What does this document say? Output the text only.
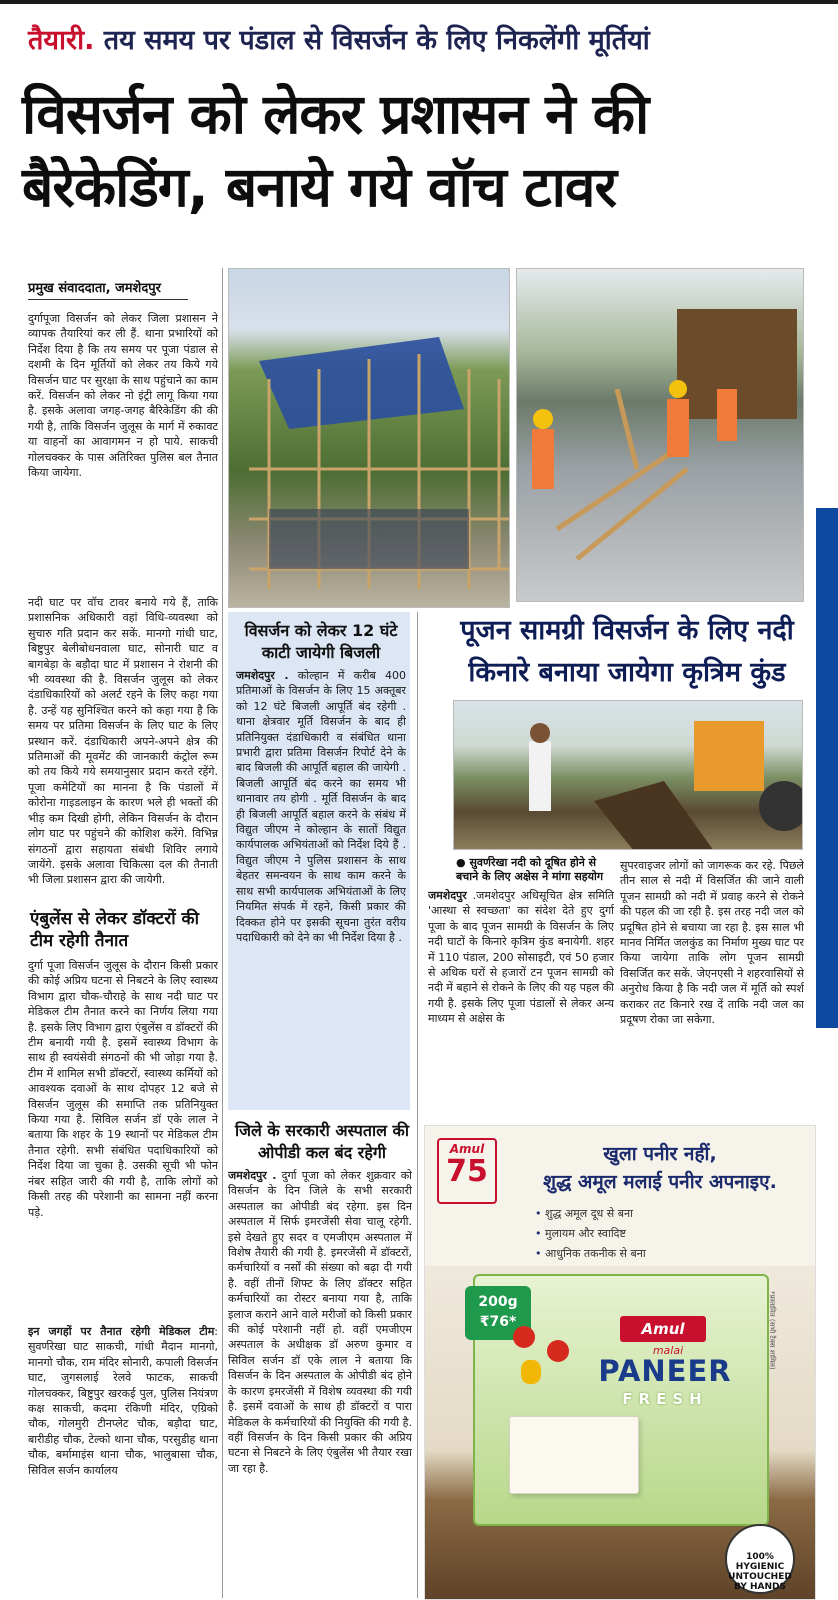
तैयारी. तय समय पर पंडाल से विसर्जन के लिए निकलेंगी मूर्तियां
विसर्जन को लेकर प्रशासन ने की बैरेकेडिंग, बनाये गये वॉच टावर
प्रमुख संवाददाता, जमशेदपुर

दुर्गापूजा विसर्जन को लेकर जिला प्रशासन ने व्यापक तैयारियां कर ली हैं. थाना प्रभारियों को निर्देश दिया है कि तय समय पर पूजा पंडाल से दशमी के दिन मूर्तियों को लेकर तय किये गये विसर्जन घाट पर सुरक्षा के साथ पहुंचाने का काम करें. विसर्जन को लेकर नो इंट्री लागू किया गया है. इसके अलावा जगह-जगह बैरिकेडिंग की की गयी है, ताकि विसर्जन जुलूस के मार्ग में रुकावट या वाहनों का आवागमन न हो पाये. साकची गोलचक्कर के पास अतिरिक्त पुलिस बल तैनात किया जायेगा.

नदी घाट पर वॉच टावर बनाये गये हैं, ताकि प्रशासनिक अधिकारी वहां विधि-व्यवस्था को सुचारु गति प्रदान कर सकें. मानगो गांधी घाट, बिष्टुपुर बेलीबोधनवाला घाट, सोनारी घाट व बागबेड़ा के बड़ौदा घाट में प्रशासन ने रोशनी की भी व्यवस्था की है. विसर्जन जुलूस को लेकर दंडाधिकारियों को अलर्ट रहने के लिए कहा गया है. उन्हें यह सुनिश्चित करने को कहा गया है कि समय पर प्रतिमा विसर्जन के लिए घाट के लिए प्रस्थान करें. दंडाधिकारी अपने-अपने क्षेत्र की प्रतिमाओं की मूवमेंट की जानकारी कंट्रोल रूम को तय किये गये समयानुसार प्रदान करते रहेंगे. पूजा कमेटियों का मानना है कि पंडालों में कोरोना गाइडलाइन के कारण भले ही भक्तों की भीड़ कम दिखी होगी, लेकिन विसर्जन के दौरान लोग घाट पर पहुंचने की कोशिश करेंगे. विभिन्न संगठनों द्वारा सहायता संबंधी शिविर लगाये जायेंगे. इसके अलावा चिकित्सा दल की तैनाती भी जिला प्रशासन द्वारा की जायेगी.

एंबुलेंस से लेकर डॉक्टरों की टीम रहेगी तैनात

दुर्गा पूजा विसर्जन जुलूस के दौरान किसी प्रकार की कोई अप्रिय घटना से निबटने के लिए स्वास्थ्य विभाग द्वारा चौक-चौराहे के साथ नदी घाट पर मेडिकल टीम तैनात करने का निर्णय लिया गया है. इसके लिए विभाग द्वारा एंबुलेंस व डॉक्टरों की टीम बनायी गयी है. इसमें स्वास्थ्य विभाग के साथ ही स्वयंसेवी संगठनों की भी जोड़ा गया है. टीम में शामिल सभी डॉक्टरों, स्वास्थ्य कर्मियों को आवश्यक दवाओं के साथ दोपहर 12 बजे से विसर्जन जुलूस की समाप्ति तक प्रतिनियुक्त किया गया है. सिविल सर्जन डॉ एके लाल ने बताया कि शहर के 19 स्थानों पर मेडिकल टीम तैनात रहेगी. सभी संबंधित पदाधिकारियों को निर्देश दिया जा चुका है. उसकी सूची भी फोन नंबर सहित जारी की गयी है, ताकि लोगों को किसी तरह की परेशानी का सामना नहीं करना पड़े.

इन जगहों पर तैनात रहेगी मेडिकल टीम: सुवर्णरेखा घाट साकची, गांधी मैदान मानगो, मानगो चौक, राम मंदिर सोनारी, कपाली विसर्जन घाट, जुगसलाई रेलवे फाटक, साकची गोलचक्कर, बिष्टुपुर खरकई पुल, पुलिस नियंत्रण कक्ष साकची, कदमा रंकिणी मंदिर, एग्रिको चौक, गोलमुरी टीनप्लेट चौक, बड़ौदा घाट, बारीडीह चौक, टेल्को थाना चौक, परसुडीह थाना चौक, बर्मामाइंस थाना चौक, भालुबासा चौक, सिविल सर्जन कार्यालय

विसर्जन को लेकर 12 घंटे काटी जायेगी बिजली

जमशेदपुर . कोल्हान में करीब 400 प्रतिमाओं के विसर्जन के लिए 15 अक्तूबर को 12 घंटे बिजली आपूर्ति बंद रहेगी . थाना क्षेत्रवार मूर्ति विसर्जन के बाद ही प्रतिनियुक्त दंडाधिकारी व संबंधित थाना प्रभारी द्वारा प्रतिमा विसर्जन रिपोर्ट देने के बाद बिजली की आपूर्ति बहाल की जायेगी . बिजली आपूर्ति बंद करने का समय भी थानावार तय होगी . मूर्ति विसर्जन के बाद ही बिजली आपूर्ति बहाल करने के संबंध में विद्युत जीएम ने कोल्हान के सातों विद्युत कार्यपालक अभियंताओं को निर्देश दिये हैं . विद्युत जीएम ने पुलिस प्रशासन के साथ बेहतर समन्वयन के साथ काम करने के साथ सभी कार्यपालक अभियंताओं के लिए नियमित संपर्क में रहने, किसी प्रकार की दिक्कत होने पर इसकी सूचना तुरंत वरीय पदाधिकारी को देने का भी निर्देश दिया है .

पूजन सामग्री विसर्जन के लिए नदी किनारे बनाया जायेगा कृत्रिम कुंड
● सुवर्णरेखा नदी को दूषित होने से बचाने के लिए अक्षेस ने मांगा सहयोग

जमशेदपुर .जमशेदपुर अधिसूचित क्षेत्र समिति 'आस्था से स्वच्छता' का संदेश देते हुए दुर्गा पूजा के बाद पूजन सामग्री के विसर्जन के लिए नदी घाटों के किनारे कृत्रिम कुंड बनायेगी. शहर में 110 पंडाल, 200 सोसाइटी, एवं 50 हजार से अधिक घरों से हजारों टन पूजन सामग्री को नदी में बहाने से रोकने के लिए की यह पहल की गयी है. इसके लिए पूजा पंडालों से लेकर अन्य माध्यम से अक्षेस के

सुपरवाइजर लोगों को जागरूक कर रहे. पिछले तीन साल से नदी में विसर्जित की जाने वाली पूजन सामग्री को नदी में प्रवाह करने से रोकने की पहल की जा रही है. इस तरह नदी जल को प्रदूषित होने से बचाया जा रहा है. इस साल भी मानव निर्मित जलकुंड का निर्माण मुख्य घाट पर किया जायेगा ताकि लोग पूजन सामग्री विसर्जित कर सकें. जेएनएसी ने शहरवासियों से अनुरोध किया है कि नदी जल में मूर्ति को स्पर्श कराकर तट किनारे रख दें ताकि नदी जल का प्रदूषण रोका जा सकेगा.

जिले के सरकारी अस्पताल की ओपीडी कल बंद रहेगी

जमशेदपुर . दुर्गा पूजा को लेकर शुक्रवार को विसर्जन के दिन जिले के सभी सरकारी अस्पताल का ओपीडी बंद रहेगा. इस दिन अस्पताल में सिर्फ इमरजेंसी सेवा चालू रहेगी. इसे देखते हुए सदर व एमजीएम अस्पताल में विशेष तैयारी की गयी है. इमरजेंसी में डॉक्टरों, कर्मचारियों व नर्सों की संख्या को बढ़ा दी गयी है. वहीं तीनों शिफ्ट के लिए डॉक्टर सहित कर्मचारियों का रोस्टर बनाया गया है, ताकि इलाज कराने आने वाले मरीजों को किसी प्रकार की कोई परेशानी नहीं हो. वहीं एमजीएम अस्पताल के अधीक्षक डॉ अरुण कुमार व सिविल सर्जन डॉ एके लाल ने बताया कि विसर्जन के दिन अस्पताल के ओपीडी बंद होने के कारण इमरजेंसी में विशेष व्यवस्था की गयी है. इसमें दवाओं के साथ ही डॉक्टरों व पारा मेडिकल के कर्मचारियों की नियुक्ति की गयी है. वहीं विसर्जन के दिन किसी प्रकार की अप्रिय घटना से निबटने के लिए एंबुलेंस भी तैयार रखा जा रहा है.

Amul
75	खुला पनीर नहीं,
शुद्ध अमूल मलाई पनीर अपनाइए.
• शुद्ध अमूल दूध से बना
• मुलायम और स्वादिष्ट
• आधुनिक तकनीक से बना
200g
₹76*	Amul
malai
PANEER
FRESH
*प्रस्तावित (सभी टैक्स शामिल)
100% HYGIENIC UNTOUCHED BY HANDS
